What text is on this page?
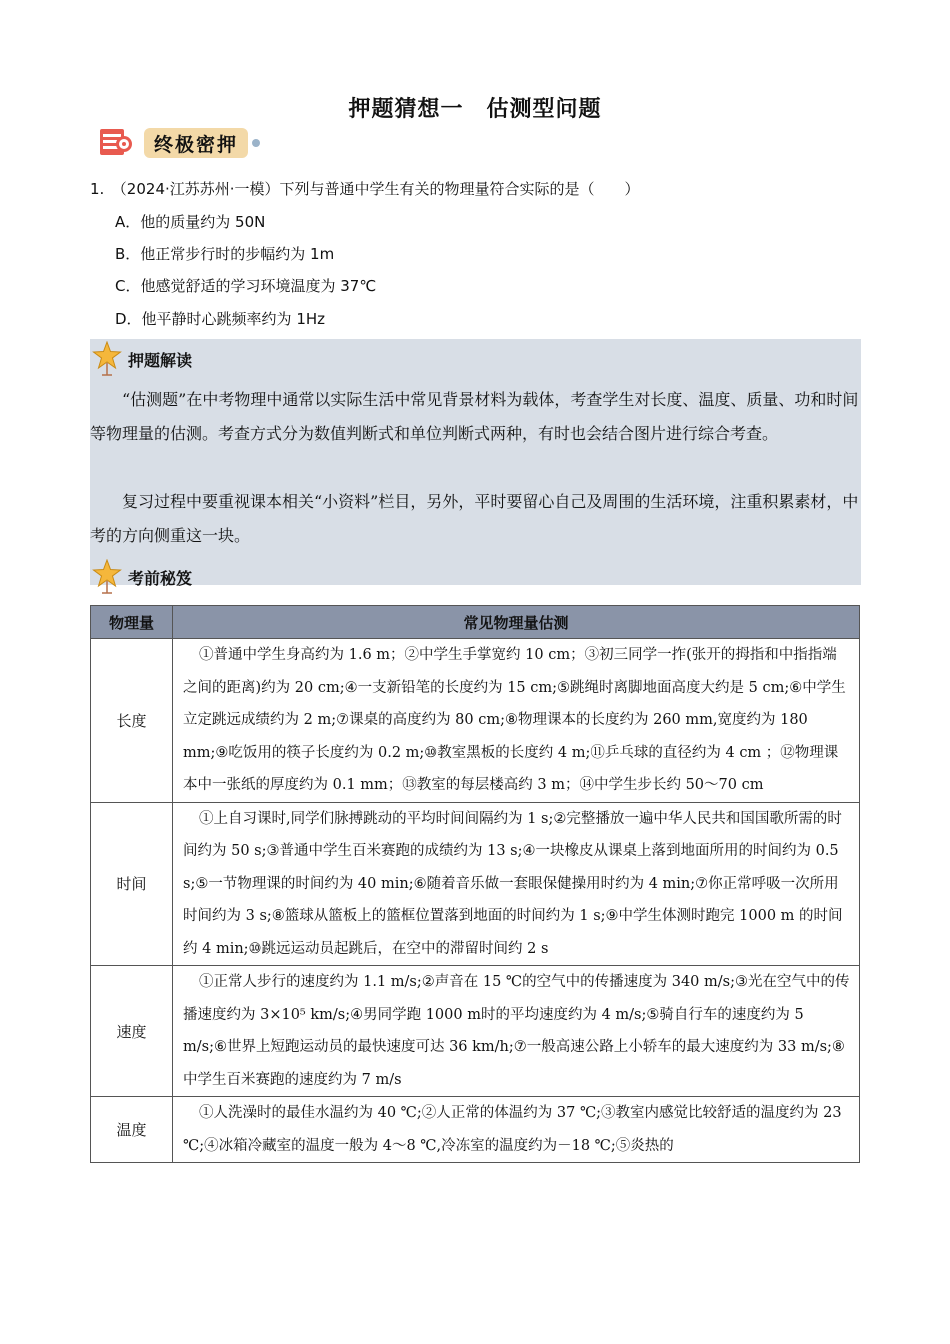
押题猜想一　估测型问题
终极密押
1.　（2024·江苏苏州·一模）下列与普通中学生有关的物理量符合实际的是（　　）
A．他的质量约为 50N
B．他正常步行时的步幅约为 1m
C．他感觉舒适的学习环境温度为 37℃
D．他平静时心跳频率约为 1Hz
押题解读
“估测题”在中考物理中通常以实际生活中常见背景材料为载体，考查学生对长度、温度、质量、功和时间等物理量的估测。考查方式分为数值判断式和单位判断式两种，有时也会结合图片进行综合考查。
复习过程中要重视课本相关“小资料”栏目，另外，平时要留心自己及周围的生活环境，注重积累素材，中考的方向侧重这一块。
考前秘笈
物理量	常见物理量估测
长度	①普通中学生身高约为 1.6 m；②中学生手掌宽约 10 cm；③初三同学一拃(张开的拇指和中指指端之间的距离)约为 20 cm;④一支新铅笔的长度约为 15 cm;⑤跳绳时离脚地面高度大约是 5 cm;⑥中学生立定跳远成绩约为 2 m;⑦课桌的高度约为 80 cm;⑧物理课本的长度约为 260 mm,宽度约为 180 mm;⑨吃饭用的筷子长度约为 0.2 m;⑩教室黑板的长度约 4 m;⑪乒乓球的直径约为 4 cm ；⑫物理课本中一张纸的厚度约为 0.1 mm；⑬教室的每层楼高约 3 m；⑭中学生步长约 50～70 cm
时间	①上自习课时,同学们脉搏跳动的平均时间间隔约为 1 s;②完整播放一遍中华人民共和国国歌所需的时间约为 50 s;③普通中学生百米赛跑的成绩约为 13 s;④一块橡皮从课桌上落到地面所用的时间约为 0.5 s;⑤一节物理课的时间约为 40 min;⑥随着音乐做一套眼保健操用时约为 4 min;⑦你正常呼吸一次所用时间约为 3 s;⑧篮球从篮板上的篮框位置落到地面的时间约为 1 s;⑨中学生体测时跑完 1000 m 的时间约 4 min;⑩跳远运动员起跳后，在空中的滞留时间约 2 s
速度	①正常人步行的速度约为 1.1 m/s;②声音在 15 ℃的空气中的传播速度为 340 m/s;③光在空气中的传播速度约为 3×10⁵ km/s;④男同学跑 1000 m时的平均速度约为 4 m/s;⑤骑自行车的速度约为 5 m/s;⑥世界上短跑运动员的最快速度可达 36 km/h;⑦一般高速公路上小轿车的最大速度约为 33 m/s;⑧中学生百米赛跑的速度约为 7 m/s
温度	①人洗澡时的最佳水温约为 40 ℃;②人正常的体温约为 37 ℃;③教室内感觉比较舒适的温度约为 23 ℃;④冰箱冷藏室的温度一般为 4～8 ℃,冷冻室的温度约为－18 ℃;⑤炎热的
